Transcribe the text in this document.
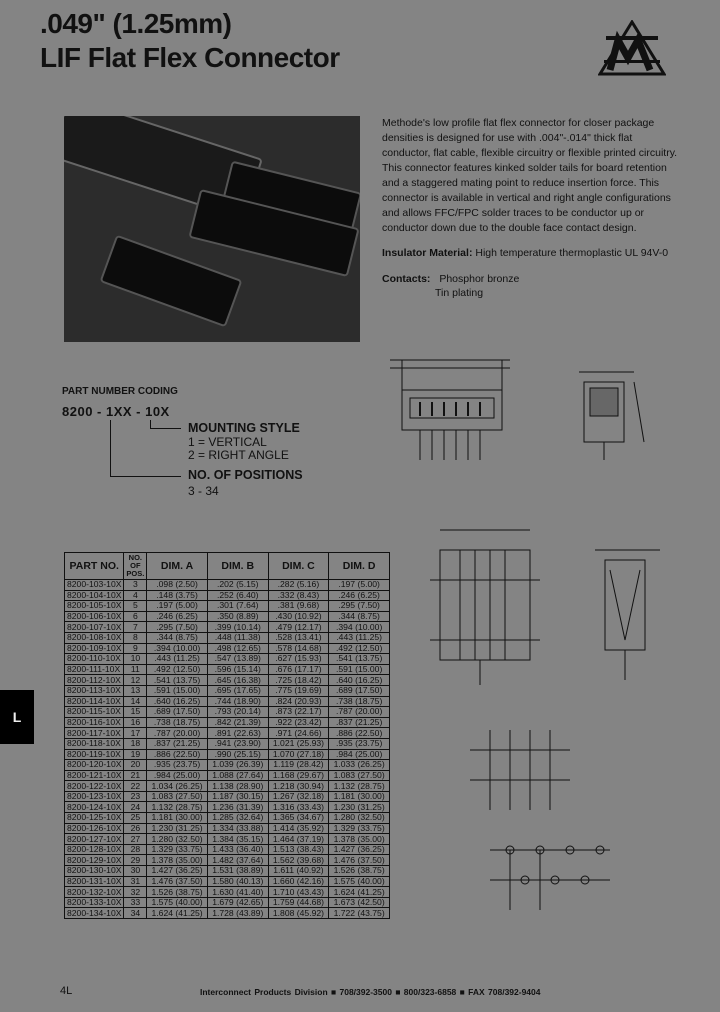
.049" (1.25mm)
LIF Flat Flex Connector
Methode's low profile flat flex connector for closer package densities is designed for use with .004"-.014" thick flat conductor, flat cable, flexible circuitry or flexible printed circuitry. This connector features kinked solder tails for board retention and a staggered mating point to reduce insertion force. This connector is available in vertical and right angle configurations and allows FFC/FPC solder traces to be conductor up or conductor down due to the double face contact design.
Insulator Material: High temperature thermoplastic UL 94V-0
Contacts: Phosphor bronze
Tin plating
PART NUMBER CODING
8200 - 1XX - 10X
MOUNTING STYLE
1 = VERTICAL
2 = RIGHT ANGLE
NO. OF POSITIONS
3 - 34
PART NO.	NO. OF POS.	DIM. A	DIM. B	DIM. C	DIM. D
8200-103-10X	3	.098 (2.50)	.202 (5.15)	.282 (5.16)	.197 (5.00)
8200-104-10X	4	.148 (3.75)	.252 (6.40)	.332 (8.43)	.246 (6.25)
8200-105-10X	5	.197 (5.00)	.301 (7.64)	.381 (9.68)	.295 (7.50)
8200-106-10X	6	.246 (6.25)	.350 (8.89)	.430 (10.92)	.344 (8.75)
8200-107-10X	7	.295 (7.50)	.399 (10.14)	.479 (12.17)	.394 (10.00)
8200-108-10X	8	.344 (8.75)	.448 (11.38)	.528 (13.41)	.443 (11.25)
8200-109-10X	9	.394 (10.00)	.498 (12.65)	.578 (14.68)	.492 (12.50)
8200-110-10X	10	.443 (11.25)	.547 (13.89)	.627 (15.93)	.541 (13.75)
8200-111-10X	11	.492 (12.50)	.596 (15.14)	.676 (17.17)	.591 (15.00)
8200-112-10X	12	.541 (13.75)	.645 (16.38)	.725 (18.42)	.640 (16.25)
8200-113-10X	13	.591 (15.00)	.695 (17.65)	.775 (19.69)	.689 (17.50)
8200-114-10X	14	.640 (16.25)	.744 (18.90)	.824 (20.93)	.738 (18.75)
8200-115-10X	15	.689 (17.50)	.793 (20.14)	.873 (22.17)	.787 (20.00)
8200-116-10X	16	.738 (18.75)	.842 (21.39)	.922 (23.42)	.837 (21.25)
8200-117-10X	17	.787 (20.00)	.891 (22.63)	.971 (24.66)	.886 (22.50)
8200-118-10X	18	.837 (21.25)	.941 (23.90)	1.021 (25.93)	.935 (23.75)
8200-119-10X	19	.886 (22.50)	.990 (25.15)	1.070 (27.18)	.984 (25.00)
8200-120-10X	20	.935 (23.75)	1.039 (26.39)	1.119 (28.42)	1.033 (26.25)
8200-121-10X	21	.984 (25.00)	1.088 (27.64)	1.168 (29.67)	1.083 (27.50)
8200-122-10X	22	1.034 (26.25)	1.138 (28.90)	1.218 (30.94)	1.132 (28.75)
8200-123-10X	23	1.083 (27.50)	1.187 (30.15)	1.267 (32.18)	1.181 (30.00)
8200-124-10X	24	1.132 (28.75)	1.236 (31.39)	1.316 (33.43)	1.230 (31.25)
8200-125-10X	25	1.181 (30.00)	1.285 (32.64)	1.365 (34.67)	1.280 (32.50)
8200-126-10X	26	1.230 (31.25)	1.334 (33.88)	1.414 (35.92)	1.329 (33.75)
8200-127-10X	27	1.280 (32.50)	1.384 (35.15)	1.464 (37.19)	1.378 (35.00)
8200-128-10X	28	1.329 (33.75)	1.433 (36.40)	1.513 (38.43)	1.427 (36.25)
8200-129-10X	29	1.378 (35.00)	1.482 (37.64)	1.562 (39.68)	1.476 (37.50)
8200-130-10X	30	1.427 (36.25)	1.531 (38.89)	1.611 (40.92)	1.526 (38.75)
8200-131-10X	31	1.476 (37.50)	1.580 (40.13)	1.660 (42.16)	1.575 (40.00)
8200-132-10X	32	1.526 (38.75)	1.630 (41.40)	1.710 (43.43)	1.624 (41.25)
8200-133-10X	33	1.575 (40.00)	1.679 (42.65)	1.759 (44.68)	1.673 (42.50)
8200-134-10X	34	1.624 (41.25)	1.728 (43.89)	1.808 (45.92)	1.722 (43.75)
L
4L	Interconnect Products Division ■ 708/392-3500 ■ 800/323-6858 ■ FAX 708/392-9404
